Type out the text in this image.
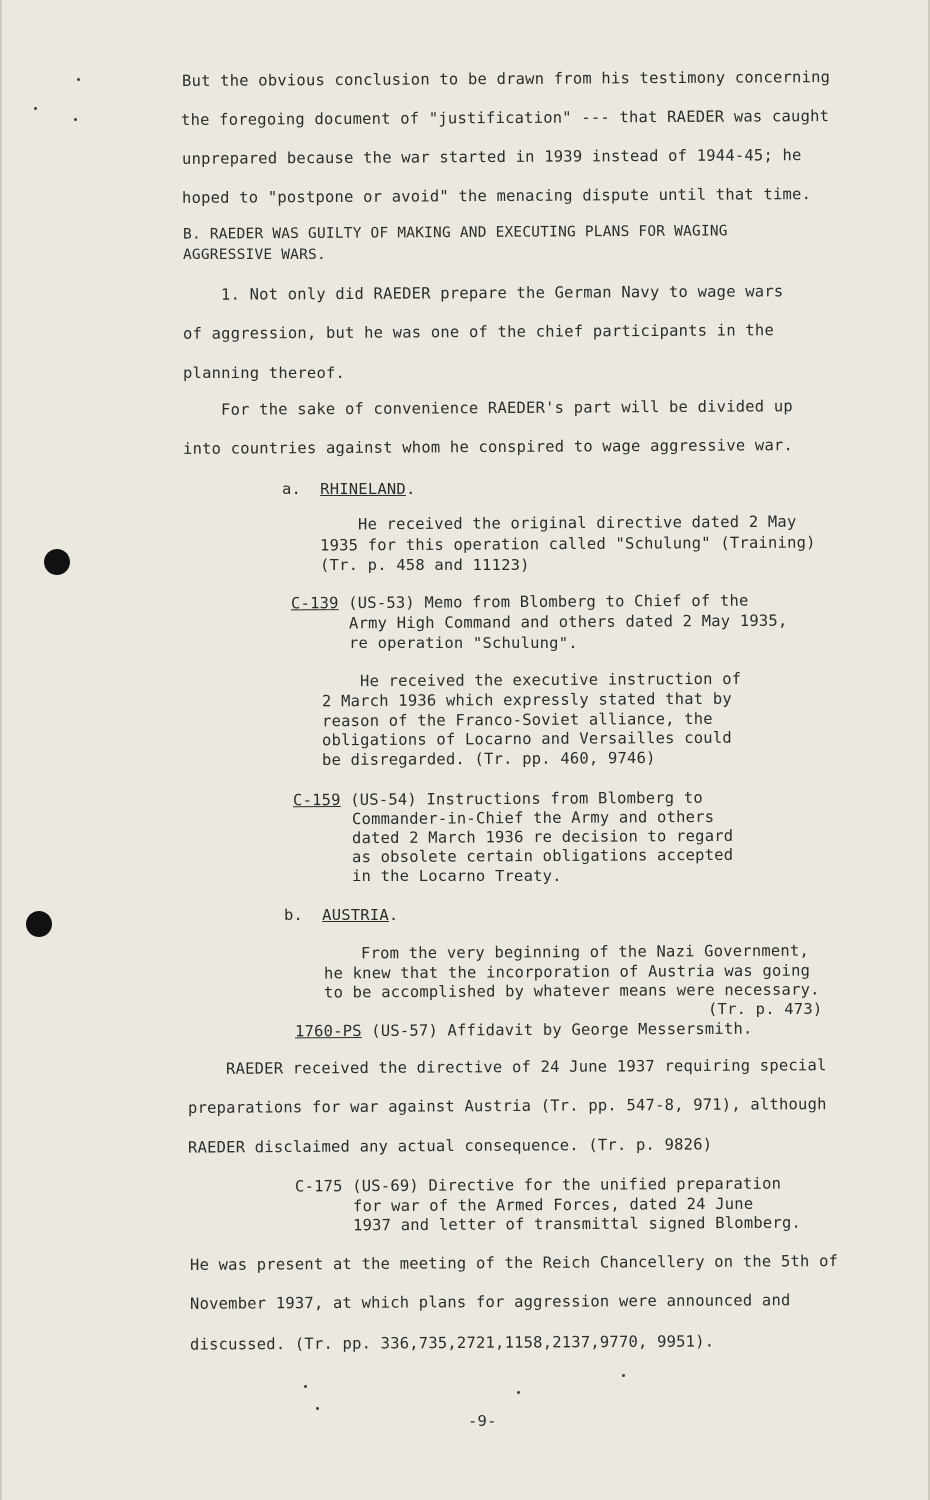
But the obvious conclusion to be drawn from his testimony concerning
the foregoing document of "justification" --- that RAEDER was caught
unprepared because the war started in 1939 instead of 1944-45; he
hoped to "postpone or avoid" the menacing dispute until that time.
B. RAEDER WAS GUILTY OF MAKING AND EXECUTING PLANS FOR WAGING
AGGRESSIVE WARS.
1. Not only did RAEDER prepare the German Navy to wage wars
of aggression, but he was one of the chief participants in the
planning thereof.
For the sake of convenience RAEDER's part will be divided up
into countries against whom he conspired to wage aggressive war.
a. RHINELAND.
He received the original directive dated 2 May
1935 for this operation called "Schulung" (Training)
(Tr. p. 458 and 11123)
C-139 (US-53) Memo from Blomberg to Chief of the
Army High Command and others dated 2 May 1935,
re operation "Schulung".
He received the executive instruction of
2 March 1936 which expressly stated that by
reason of the Franco-Soviet alliance, the
obligations of Locarno and Versailles could
be disregarded. (Tr. pp. 460, 9746)
C-159 (US-54) Instructions from Blomberg to
Commander-in-Chief the Army and others
dated 2 March 1936 re decision to regard
as obsolete certain obligations accepted
in the Locarno Treaty.
b. AUSTRIA.
From the very beginning of the Nazi Government,
he knew that the incorporation of Austria was going
to be accomplished by whatever means were necessary.
(Tr. p. 473)
1760-PS (US-57) Affidavit by George Messersmith.
RAEDER received the directive of 24 June 1937 requiring special
preparations for war against Austria (Tr. pp. 547-8, 971), although
RAEDER disclaimed any actual consequence. (Tr. p. 9826)
C-175 (US-69) Directive for the unified preparation
for war of the Armed Forces, dated 24 June
1937 and letter of transmittal signed Blomberg.
He was present at the meeting of the Reich Chancellery on the 5th of
November 1937, at which plans for aggression were announced and
discussed. (Tr. pp. 336,735,2721,1158,2137,9770, 9951).
-9-
